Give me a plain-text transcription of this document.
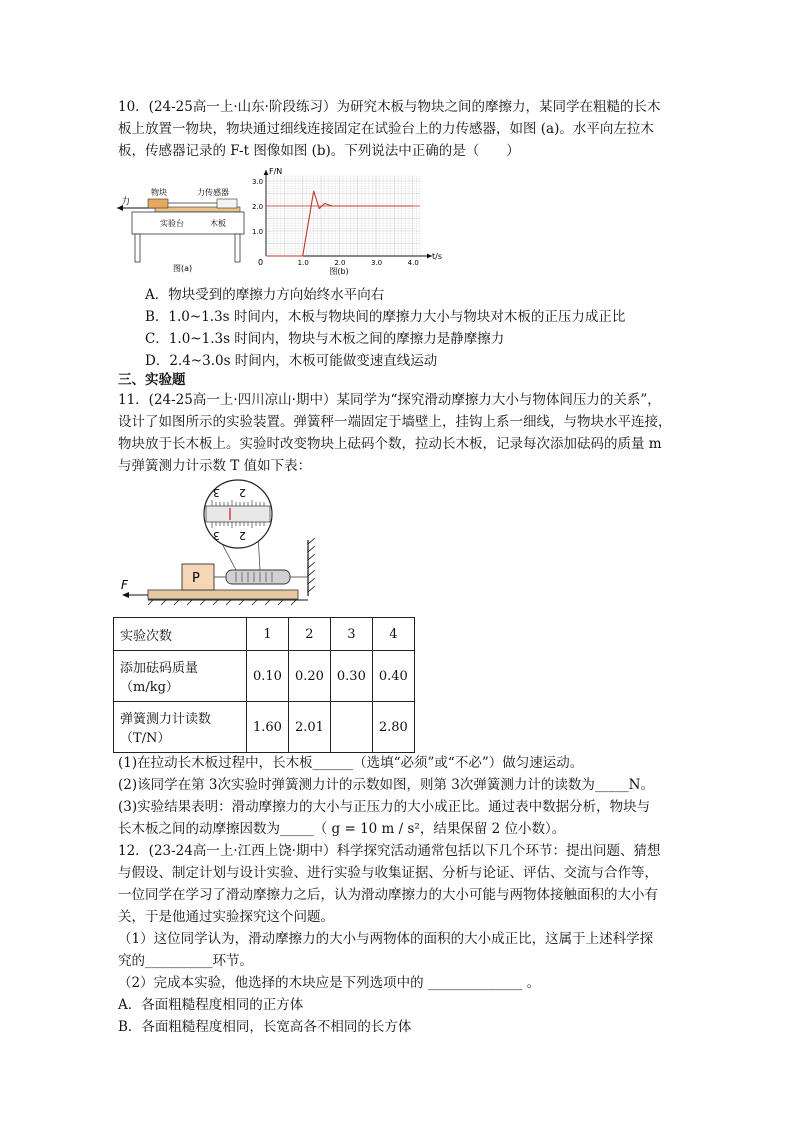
10．(24-25高一上·山东·阶段练习）为研究木板与物块之间的摩擦力，某同学在粗糙的长木
板上放置一物块，物块通过细线连接固定在试验台上的力传感器，如图 (a)。水平向左拉木
板，传感器记录的 F-t 图像如图 (b)。下列说法中正确的是（　　）
力
物块	力传感器
实验台	木板
图(a)
1.0
2.0
3.0
1.0	2.0	3.0	4.0
F/N
t/s
0
图(b)
A．物块受到的摩擦力方向始终水平向右
B．1.0~1.3s 时间内，木板与物块间的摩擦力大小与物块对木板的正压力成正比
C．1.0~1.3s 时间内，物块与木板之间的摩擦力是静摩擦力
D．2.4~3.0s 时间内，木板可能做变速直线运动
三、实验题
11．(24-25高一上·四川凉山·期中）某同学为“探究滑动摩擦力大小与物体间压力的关系”，
设计了如图所示的实验装置。弹簧秤一端固定于墙壁上，挂钩上系一细线，与物块水平连接，
物块放于长木板上。实验时改变物块上砝码个数，拉动长木板，记录每次添加砝码的质量 m
与弹簧测力计示数 T 值如下表：
F	P
3 2
3 2
实验次数	1	2	3	4
添加砝码质量（m/kg）	0.10	0.20	0.30	0.40
弹簧测力计读数（T/N）	1.60	2.01		2.80
(1)在拉动长木板过程中，长木板______（选填“必须”或“不必”）做匀速运动。
(2)该同学在第 3次实验时弹簧测力计的示数如图，则第 3次弹簧测力计的读数为_____N。
(3)实验结果表明：滑动摩擦力的大小与正压力的大小成正比。通过表中数据分析，物块与
长木板之间的动摩擦因数为_____（ g = 10 m / s²，结果保留 2 位小数）。
12．(23-24高一上·江西上饶·期中）科学探究活动通常包括以下几个环节：提出问题、猜想
与假设、制定计划与设计实验、进行实验与收集证据、分析与论证、评估、交流与合作等，
一位同学在学习了滑动摩擦力之后，认为滑动摩擦力的大小可能与两物体接触面积的大小有
关，于是他通过实验探究这个问题。
（1）这位同学认为，滑动摩擦力的大小与两物体的面积的大小成正比，这属于上述科学探
究的__________环节。
（2）完成本实验，他选择的木块应是下列选项中的 ______________ 。
A．各面粗糙程度相同的正方体
B．各面粗糙程度相同，长宽高各不相同的长方体
